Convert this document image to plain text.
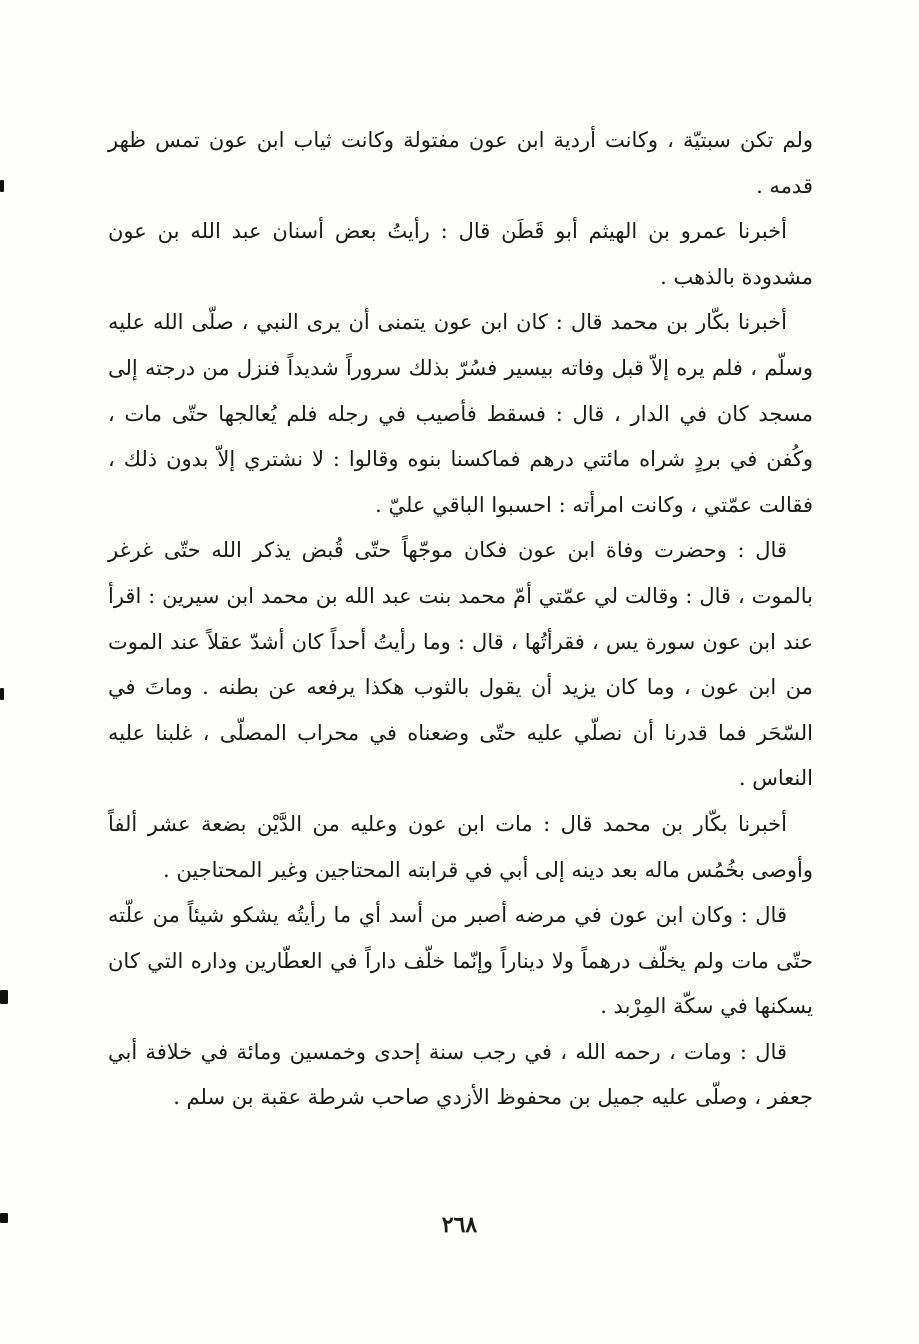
ولم تكن سبتيّة ، وكانت أردية ابن عون مفتولة وكانت ثياب ابن عون تمس ظهر قدمه .

أخبرنا عمرو بن الهيثم أبو قَطَن قال : رأيتُ بعض أسنان عبد الله بن عون مشدودة بالذهب .

أخبرنا بكّار بن محمد قال : كان ابن عون يتمنى أن يرى النبي ، صلّى الله عليه وسلّم ، فلم يره إلاّ قبل وفاته بيسير فسُرّ بذلك سروراً شديداً فنزل من درجته إلى مسجد كان في الدار ، قال : فسقط فأصيب في رجله فلم يُعالجها حتّى مات ، وكُفن في بردٍ شراه مائتي درهم فماكسنا بنوه وقالوا : لا نشتري إلاّ بدون ذلك ، فقالت عمّتي ، وكانت امرأته : احسبوا الباقي عليّ .

قال : وحضرت وفاة ابن عون فكان موجّهاً حتّى قُبض يذكر الله حتّى غرغر بالموت ، قال : وقالت لي عمّتي أمّ محمد بنت عبد الله بن محمد ابن سيرين : اقرأ عند ابن عون سورة يس ، فقرأتُها ، قال : وما رأيتُ أحداً كان أشدّ عقلاً عند الموت من ابن عون ، وما كان يزيد أن يقول بالثوب هكذا يرفعه عن بطنه . وماتَ في السّحَر فما قدرنا أن نصلّي عليه حتّى وضعناه في محراب المصلّى ، غلبنا عليه النعاس .

أخبرنا بكّار بن محمد قال : مات ابن عون وعليه من الدَّيْن بضعة عشر ألفاً وأوصى بخُمُس ماله بعد دينه إلى أبي في قرابته المحتاجين وغير المحتاجين .

قال : وكان ابن عون في مرضه أصبر من أسد أي ما رأيتُه يشكو شيئاً من علّته حتّى مات ولم يخلّف درهماً ولا ديناراً وإنّما خلّف داراً في العطّارين وداره التي كان يسكنها في سكّة المِرْبد .

قال : ومات ، رحمه الله ، في رجب سنة إحدى وخمسين ومائة في خلافة أبي جعفر ، وصلّى عليه جميل بن محفوظ الأزدي صاحب شرطة عقبة بن سلم .

٢٦٨
